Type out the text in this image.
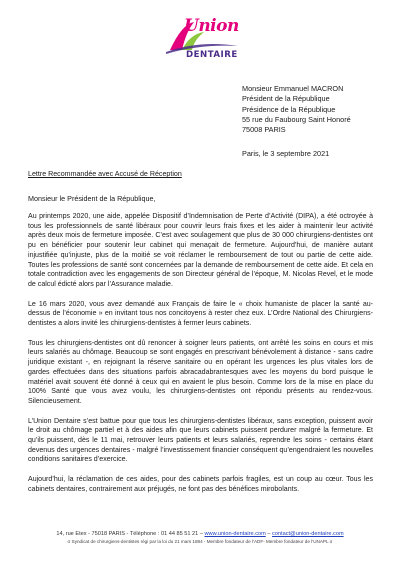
Union
DENTAIRE
Monsieur Emmanuel MACRON
Président de la République
Présidence de la République
55 rue du Faubourg Saint Honoré
75008 PARIS
Paris, le 3 septembre 2021
Lettre Recommandée avec Accusé de Réception
Monsieur le Président de la République,

Au printemps 2020, une aide, appelée Dispositif d’Indemnisation de Perte d’Activité (DIPA), a été octroyée à tous les professionnels de santé libéraux pour couvrir leurs frais fixes et les aider à maintenir leur activité après deux mois de fermeture imposée. C’est avec soulagement que plus de 30 000 chirurgiens-dentistes ont pu en bénéficier pour soutenir leur cabinet qui menaçait de fermeture. Aujourd’hui, de manière autant injustifiée qu’injuste, plus de la moitié se voit réclamer le remboursement de tout ou partie de cette aide. Toutes les professions de santé sont concernées par la demande de remboursement de cette aide. Et cela en totale contradiction avec les engagements de son Directeur général de l’époque, M. Nicolas Revel, et le mode de calcul édicté alors par l’Assurance maladie.

Le 16 mars 2020, vous avez demandé aux Français de faire le « choix humaniste de placer la santé au-dessus de l’économie » en invitant tous nos concitoyens à rester chez eux. L’Ordre National des Chirurgiens-dentistes a alors invité les chirurgiens-dentistes à fermer leurs cabinets.

Tous les chirurgiens-dentistes ont dû renoncer à soigner leurs patients, ont arrêté les soins en cours et mis leurs salariés au chômage. Beaucoup se sont engagés en prescrivant bénévolement à distance - sans cadre juridique existant -, en rejoignant la réserve sanitaire ou en opérant les urgences les plus vitales lors de gardes effectuées dans des situations parfois abracadabrantesques avec les moyens du bord puisque le matériel avait souvent été donné à ceux qui en avaient le plus besoin. Comme lors de la mise en place du 100% Santé que vous avez voulu, les chirurgiens-dentistes ont répondu présents au rendez-vous. Silencieusement.

L’Union Dentaire s’est battue pour que tous les chirurgiens-dentistes libéraux, sans exception, puissent avoir le droit au chômage partiel et à des aides afin que leurs cabinets puissent perdurer malgré la fermeture. Et qu’ils puissent, dès le 11 mai, retrouver leurs patients et leurs salariés, reprendre les soins - certains étant devenus des urgences dentaires - malgré l’investissement financier conséquent qu’engendraient les nouvelles conditions sanitaires d’exercice.

Aujourd’hui, la réclamation de ces aides, pour des cabinets parfois fragiles, est un coup au cœur. Tous les cabinets dentaires, contrairement aux préjugés, ne font pas des bénéfices mirobolants.

14, rue Etex - 75018 PARIS - Téléphone : 01 44 85 51 21 – www.union-dentaire.com – contact@union-dentaire.com
σ Syndicat de chirurgiens-dentistes régi par la loi du 21 mars 1884 - Membre fondateur de l’ADF- Membre fondateur de l’UNAPL σ
